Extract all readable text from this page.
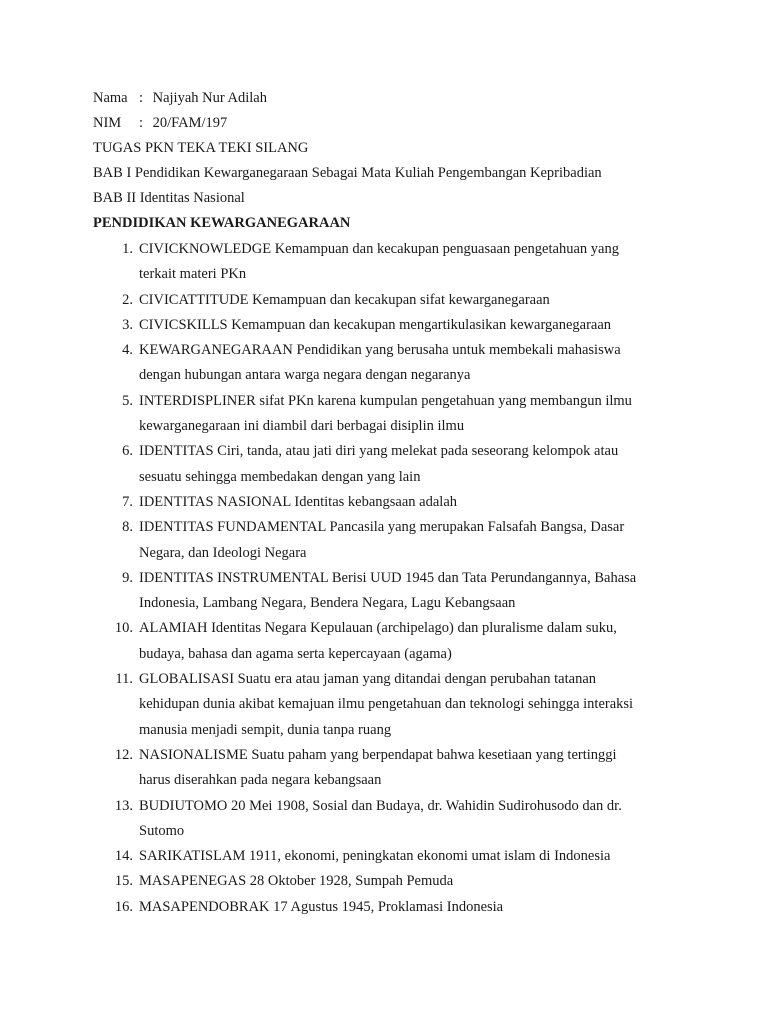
Nama : Najiyah Nur Adilah
NIM : 20/FAM/197
TUGAS PKN TEKA TEKI SILANG
BAB I Pendidikan Kewarganegaraan Sebagai Mata Kuliah Pengembangan Kepribadian
BAB II Identitas Nasional
PENDIDIKAN KEWARGANEGARAAN
1. CIVICKNOWLEDGE Kemampuan dan kecakupan penguasaan pengetahuan yang
terkait materi PKn
2. CIVICATTITUDE Kemampuan dan kecakupan sifat kewarganegaraan
3. CIVICSKILLS Kemampuan dan kecakupan mengartikulasikan kewarganegaraan
4. KEWARGANEGARAAN Pendidikan yang berusaha untuk membekali mahasiswa
dengan hubungan antara warga negara dengan negaranya
5. INTERDISPLINER sifat PKn karena kumpulan pengetahuan yang membangun ilmu
kewarganegaraan ini diambil dari berbagai disiplin ilmu
6. IDENTITAS Ciri, tanda, atau jati diri yang melekat pada seseorang kelompok atau
sesuatu sehingga membedakan dengan yang lain
7. IDENTITAS NASIONAL Identitas kebangsaan adalah
8. IDENTITAS FUNDAMENTAL Pancasila yang merupakan Falsafah Bangsa, Dasar
Negara, dan Ideologi Negara
9. IDENTITAS INSTRUMENTAL Berisi UUD 1945 dan Tata Perundangannya, Bahasa
Indonesia, Lambang Negara, Bendera Negara, Lagu Kebangsaan
10. ALAMIAH Identitas Negara Kepulauan (archipelago) dan pluralisme dalam suku,
budaya, bahasa dan agama serta kepercayaan (agama)
11. GLOBALISASI Suatu era atau jaman yang ditandai dengan perubahan tatanan
kehidupan dunia akibat kemajuan ilmu pengetahuan dan teknologi sehingga interaksi
manusia menjadi sempit, dunia tanpa ruang
12. NASIONALISME Suatu paham yang berpendapat bahwa kesetiaan yang tertinggi
harus diserahkan pada negara kebangsaan
13. BUDIUTOMO 20 Mei 1908, Sosial dan Budaya, dr. Wahidin Sudirohusodo dan dr.
Sutomo
14. SARIKATISLAM 1911, ekonomi, peningkatan ekonomi umat islam di Indonesia
15. MASAPENEGAS 28 Oktober 1928, Sumpah Pemuda
16. MASAPENDOBRAK 17 Agustus 1945, Proklamasi Indonesia
